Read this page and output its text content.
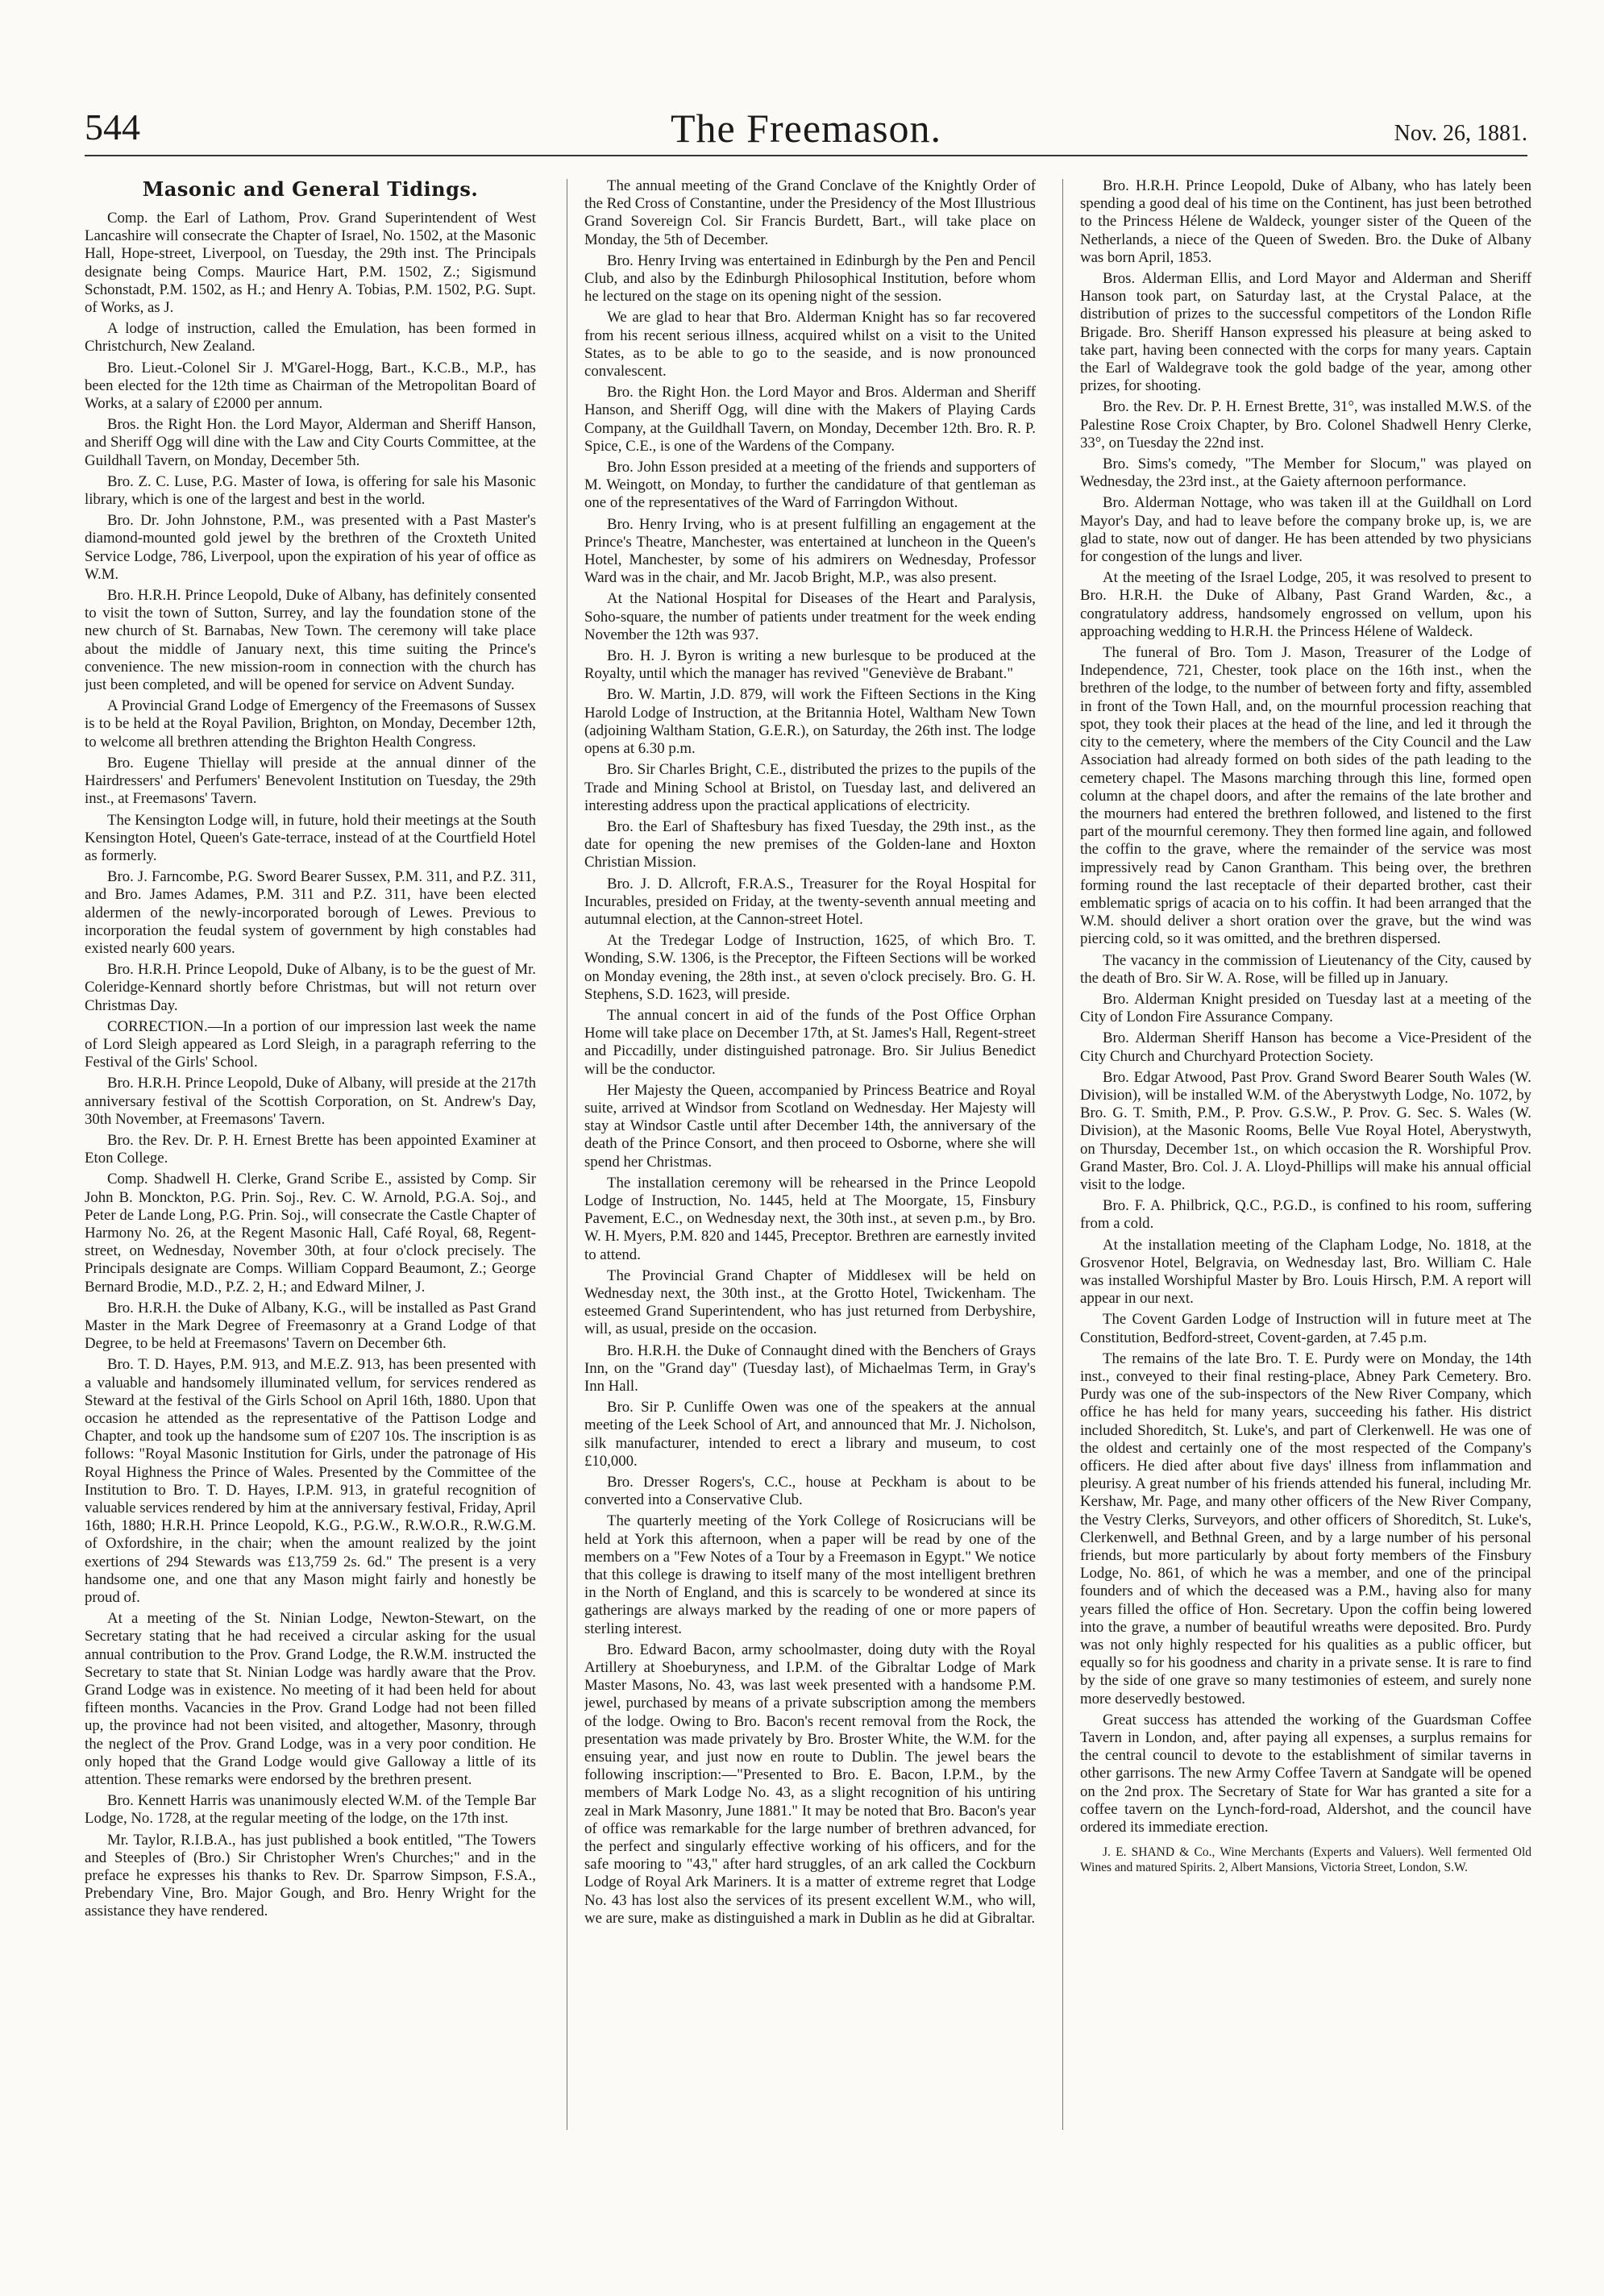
544	The Freemason.	Nov. 26, 1881.
Masonic and General Tidings.

Comp. the Earl of Lathom, Prov. Grand Superintendent of West Lancashire will consecrate the Chapter of Israel, No. 1502, at the Masonic Hall, Hope-street, Liverpool, on Tuesday, the 29th inst. The Principals designate being Comps. Maurice Hart, P.M. 1502, Z.; Sigismund Schonstadt, P.M. 1502, as H.; and Henry A. Tobias, P.M. 1502, P.G. Supt. of Works, as J.

A lodge of instruction, called the Emulation, has been formed in Christchurch, New Zealand.

Bro. Lieut.-Colonel Sir J. M'Garel-Hogg, Bart., K.C.B., M.P., has been elected for the 12th time as Chairman of the Metropolitan Board of Works, at a salary of £2000 per annum.

Bros. the Right Hon. the Lord Mayor, Alderman and Sheriff Hanson, and Sheriff Ogg will dine with the Law and City Courts Committee, at the Guildhall Tavern, on Monday, December 5th.

Bro. Z. C. Luse, P.G. Master of Iowa, is offering for sale his Masonic library, which is one of the largest and best in the world.

Bro. Dr. John Johnstone, P.M., was presented with a Past Master's diamond-mounted gold jewel by the brethren of the Croxteth United Service Lodge, 786, Liverpool, upon the expiration of his year of office as W.M.

Bro. H.R.H. Prince Leopold, Duke of Albany, has definitely consented to visit the town of Sutton, Surrey, and lay the foundation stone of the new church of St. Barnabas, New Town. The ceremony will take place about the middle of January next, this time suiting the Prince's convenience. The new mission-room in connection with the church has just been completed, and will be opened for service on Advent Sunday.

A Provincial Grand Lodge of Emergency of the Freemasons of Sussex is to be held at the Royal Pavilion, Brighton, on Monday, December 12th, to welcome all brethren attending the Brighton Health Congress.

Bro. Eugene Thiellay will preside at the annual dinner of the Hairdressers' and Perfumers' Benevolent Institution on Tuesday, the 29th inst., at Freemasons' Tavern.

The Kensington Lodge will, in future, hold their meetings at the South Kensington Hotel, Queen's Gate-terrace, instead of at the Courtfield Hotel as formerly.

Bro. J. Farncombe, P.G. Sword Bearer Sussex, P.M. 311, and P.Z. 311, and Bro. James Adames, P.M. 311 and P.Z. 311, have been elected aldermen of the newly-incorporated borough of Lewes. Previous to incorporation the feudal system of government by high constables had existed nearly 600 years.

Bro. H.R.H. Prince Leopold, Duke of Albany, is to be the guest of Mr. Coleridge-Kennard shortly before Christmas, but will not return over Christmas Day.

CORRECTION.—In a portion of our impression last week the name of Lord Sleigh appeared as Lord Sleigh, in a paragraph referring to the Festival of the Girls' School.

Bro. H.R.H. Prince Leopold, Duke of Albany, will preside at the 217th anniversary festival of the Scottish Corporation, on St. Andrew's Day, 30th November, at Freemasons' Tavern.

Bro. the Rev. Dr. P. H. Ernest Brette has been appointed Examiner at Eton College.

Comp. Shadwell H. Clerke, Grand Scribe E., assisted by Comp. Sir John B. Monckton, P.G. Prin. Soj., Rev. C. W. Arnold, P.G.A. Soj., and Peter de Lande Long, P.G. Prin. Soj., will consecrate the Castle Chapter of Harmony No. 26, at the Regent Masonic Hall, Café Royal, 68, Regent-street, on Wednesday, November 30th, at four o'clock precisely. The Principals designate are Comps. William Coppard Beaumont, Z.; George Bernard Brodie, M.D., P.Z. 2, H.; and Edward Milner, J.

Bro. H.R.H. the Duke of Albany, K.G., will be installed as Past Grand Master in the Mark Degree of Freemasonry at a Grand Lodge of that Degree, to be held at Freemasons' Tavern on December 6th.

Bro. T. D. Hayes, P.M. 913, and M.E.Z. 913, has been presented with a valuable and handsomely illuminated vellum, for services rendered as Steward at the festival of the Girls School on April 16th, 1880. Upon that occasion he attended as the representative of the Pattison Lodge and Chapter, and took up the handsome sum of £207 10s. The inscription is as follows: "Royal Masonic Institution for Girls, under the patronage of His Royal Highness the Prince of Wales. Presented by the Committee of the Institution to Bro. T. D. Hayes, I.P.M. 913, in grateful recognition of valuable services rendered by him at the anniversary festival, Friday, April 16th, 1880; H.R.H. Prince Leopold, K.G., P.G.W., R.W.O.R., R.W.G.M. of Oxfordshire, in the chair; when the amount realized by the joint exertions of 294 Stewards was £13,759 2s. 6d." The present is a very handsome one, and one that any Mason might fairly and honestly be proud of.

At a meeting of the St. Ninian Lodge, Newton-Stewart, on the Secretary stating that he had received a circular asking for the usual annual contribution to the Prov. Grand Lodge, the R.W.M. instructed the Secretary to state that St. Ninian Lodge was hardly aware that the Prov. Grand Lodge was in existence. No meeting of it had been held for about fifteen months. Vacancies in the Prov. Grand Lodge had not been filled up, the province had not been visited, and altogether, Masonry, through the neglect of the Prov. Grand Lodge, was in a very poor condition. He only hoped that the Grand Lodge would give Galloway a little of its attention. These remarks were endorsed by the brethren present.

Bro. Kennett Harris was unanimously elected W.M. of the Temple Bar Lodge, No. 1728, at the regular meeting of the lodge, on the 17th inst.

Mr. Taylor, R.I.B.A., has just published a book entitled, "The Towers and Steeples of (Bro.) Sir Christopher Wren's Churches;" and in the preface he expresses his thanks to Rev. Dr. Sparrow Simpson, F.S.A., Prebendary Vine, Bro. Major Gough, and Bro. Henry Wright for the assistance they have rendered.

The annual meeting of the Grand Conclave of the Knightly Order of the Red Cross of Constantine, under the Presidency of the Most Illustrious Grand Sovereign Col. Sir Francis Burdett, Bart., will take place on Monday, the 5th of December.

Bro. Henry Irving was entertained in Edinburgh by the Pen and Pencil Club, and also by the Edinburgh Philosophical Institution, before whom he lectured on the stage on its opening night of the session.

We are glad to hear that Bro. Alderman Knight has so far recovered from his recent serious illness, acquired whilst on a visit to the United States, as to be able to go to the seaside, and is now pronounced convalescent.

Bro. the Right Hon. the Lord Mayor and Bros. Alderman and Sheriff Hanson, and Sheriff Ogg, will dine with the Makers of Playing Cards Company, at the Guildhall Tavern, on Monday, December 12th. Bro. R. P. Spice, C.E., is one of the Wardens of the Company.

Bro. John Esson presided at a meeting of the friends and supporters of M. Weingott, on Monday, to further the candidature of that gentleman as one of the representatives of the Ward of Farringdon Without.

Bro. Henry Irving, who is at present fulfilling an engagement at the Prince's Theatre, Manchester, was entertained at luncheon in the Queen's Hotel, Manchester, by some of his admirers on Wednesday, Professor Ward was in the chair, and Mr. Jacob Bright, M.P., was also present.

At the National Hospital for Diseases of the Heart and Paralysis, Soho-square, the number of patients under treatment for the week ending November the 12th was 937.

Bro. H. J. Byron is writing a new burlesque to be produced at the Royalty, until which the manager has revived "Geneviève de Brabant."

Bro. W. Martin, J.D. 879, will work the Fifteen Sections in the King Harold Lodge of Instruction, at the Britannia Hotel, Waltham New Town (adjoining Waltham Station, G.E.R.), on Saturday, the 26th inst. The lodge opens at 6.30 p.m.

Bro. Sir Charles Bright, C.E., distributed the prizes to the pupils of the Trade and Mining School at Bristol, on Tuesday last, and delivered an interesting address upon the practical applications of electricity.

Bro. the Earl of Shaftesbury has fixed Tuesday, the 29th inst., as the date for opening the new premises of the Golden-lane and Hoxton Christian Mission.

Bro. J. D. Allcroft, F.R.A.S., Treasurer for the Royal Hospital for Incurables, presided on Friday, at the twenty-seventh annual meeting and autumnal election, at the Cannon-street Hotel.

At the Tredegar Lodge of Instruction, 1625, of which Bro. T. Wonding, S.W. 1306, is the Preceptor, the Fifteen Sections will be worked on Monday evening, the 28th inst., at seven o'clock precisely. Bro. G. H. Stephens, S.D. 1623, will preside.

The annual concert in aid of the funds of the Post Office Orphan Home will take place on December 17th, at St. James's Hall, Regent-street and Piccadilly, under distinguished patronage. Bro. Sir Julius Benedict will be the conductor.

Her Majesty the Queen, accompanied by Princess Beatrice and Royal suite, arrived at Windsor from Scotland on Wednesday. Her Majesty will stay at Windsor Castle until after December 14th, the anniversary of the death of the Prince Consort, and then proceed to Osborne, where she will spend her Christmas.

The installation ceremony will be rehearsed in the Prince Leopold Lodge of Instruction, No. 1445, held at The Moorgate, 15, Finsbury Pavement, E.C., on Wednesday next, the 30th inst., at seven p.m., by Bro. W. H. Myers, P.M. 820 and 1445, Preceptor. Brethren are earnestly invited to attend.

The Provincial Grand Chapter of Middlesex will be held on Wednesday next, the 30th inst., at the Grotto Hotel, Twickenham. The esteemed Grand Superintendent, who has just returned from Derbyshire, will, as usual, preside on the occasion.

Bro. H.R.H. the Duke of Connaught dined with the Benchers of Grays Inn, on the "Grand day" (Tuesday last), of Michaelmas Term, in Gray's Inn Hall.

Bro. Sir P. Cunliffe Owen was one of the speakers at the annual meeting of the Leek School of Art, and announced that Mr. J. Nicholson, silk manufacturer, intended to erect a library and museum, to cost £10,000.

Bro. Dresser Rogers's, C.C., house at Peckham is about to be converted into a Conservative Club.

The quarterly meeting of the York College of Rosicrucians will be held at York this afternoon, when a paper will be read by one of the members on a "Few Notes of a Tour by a Freemason in Egypt." We notice that this college is drawing to itself many of the most intelligent brethren in the North of England, and this is scarcely to be wondered at since its gatherings are always marked by the reading of one or more papers of sterling interest.

Bro. Edward Bacon, army schoolmaster, doing duty with the Royal Artillery at Shoeburyness, and I.P.M. of the Gibraltar Lodge of Mark Master Masons, No. 43, was last week presented with a handsome P.M. jewel, purchased by means of a private subscription among the members of the lodge. Owing to Bro. Bacon's recent removal from the Rock, the presentation was made privately by Bro. Broster White, the W.M. for the ensuing year, and just now en route to Dublin. The jewel bears the following inscription:—"Presented to Bro. E. Bacon, I.P.M., by the members of Mark Lodge No. 43, as a slight recognition of his untiring zeal in Mark Masonry, June 1881." It may be noted that Bro. Bacon's year of office was remarkable for the large number of brethren advanced, for the perfect and singularly effective working of his officers, and for the safe mooring to "43," after hard struggles, of an ark called the Cockburn Lodge of Royal Ark Mariners. It is a matter of extreme regret that Lodge No. 43 has lost also the services of its present excellent W.M., who will, we are sure, make as distinguished a mark in Dublin as he did at Gibraltar.

Bro. H.R.H. Prince Leopold, Duke of Albany, who has lately been spending a good deal of his time on the Continent, has just been betrothed to the Princess Hélene de Waldeck, younger sister of the Queen of the Netherlands, a niece of the Queen of Sweden. Bro. the Duke of Albany was born April, 1853.

Bros. Alderman Ellis, and Lord Mayor and Alderman and Sheriff Hanson took part, on Saturday last, at the Crystal Palace, at the distribution of prizes to the successful competitors of the London Rifle Brigade. Bro. Sheriff Hanson expressed his pleasure at being asked to take part, having been connected with the corps for many years. Captain the Earl of Waldegrave took the gold badge of the year, among other prizes, for shooting.

Bro. the Rev. Dr. P. H. Ernest Brette, 31°, was installed M.W.S. of the Palestine Rose Croix Chapter, by Bro. Colonel Shadwell Henry Clerke, 33°, on Tuesday the 22nd inst.

Bro. Sims's comedy, "The Member for Slocum," was played on Wednesday, the 23rd inst., at the Gaiety afternoon performance.

Bro. Alderman Nottage, who was taken ill at the Guildhall on Lord Mayor's Day, and had to leave before the company broke up, is, we are glad to state, now out of danger. He has been attended by two physicians for congestion of the lungs and liver.

At the meeting of the Israel Lodge, 205, it was resolved to present to Bro. H.R.H. the Duke of Albany, Past Grand Warden, &c., a congratulatory address, handsomely engrossed on vellum, upon his approaching wedding to H.R.H. the Princess Hélene of Waldeck.

The funeral of Bro. Tom J. Mason, Treasurer of the Lodge of Independence, 721, Chester, took place on the 16th inst., when the brethren of the lodge, to the number of between forty and fifty, assembled in front of the Town Hall, and, on the mournful procession reaching that spot, they took their places at the head of the line, and led it through the city to the cemetery, where the members of the City Council and the Law Association had already formed on both sides of the path leading to the cemetery chapel. The Masons marching through this line, formed open column at the chapel doors, and after the remains of the late brother and the mourners had entered the brethren followed, and listened to the first part of the mournful ceremony. They then formed line again, and followed the coffin to the grave, where the remainder of the service was most impressively read by Canon Grantham. This being over, the brethren forming round the last receptacle of their departed brother, cast their emblematic sprigs of acacia on to his coffin. It had been arranged that the W.M. should deliver a short oration over the grave, but the wind was piercing cold, so it was omitted, and the brethren dispersed.

The vacancy in the commission of Lieutenancy of the City, caused by the death of Bro. Sir W. A. Rose, will be filled up in January.

Bro. Alderman Knight presided on Tuesday last at a meeting of the City of London Fire Assurance Company.

Bro. Alderman Sheriff Hanson has become a Vice-President of the City Church and Churchyard Protection Society.

Bro. Edgar Atwood, Past Prov. Grand Sword Bearer South Wales (W. Division), will be installed W.M. of the Aberystwyth Lodge, No. 1072, by Bro. G. T. Smith, P.M., P. Prov. G.S.W., P. Prov. G. Sec. S. Wales (W. Division), at the Masonic Rooms, Belle Vue Royal Hotel, Aberystwyth, on Thursday, December 1st., on which occasion the R. Worshipful Prov. Grand Master, Bro. Col. J. A. Lloyd-Phillips will make his annual official visit to the lodge.

Bro. F. A. Philbrick, Q.C., P.G.D., is confined to his room, suffering from a cold.

At the installation meeting of the Clapham Lodge, No. 1818, at the Grosvenor Hotel, Belgravia, on Wednesday last, Bro. William C. Hale was installed Worshipful Master by Bro. Louis Hirsch, P.M. A report will appear in our next.

The Covent Garden Lodge of Instruction will in future meet at The Constitution, Bedford-street, Covent-garden, at 7.45 p.m.

The remains of the late Bro. T. E. Purdy were on Monday, the 14th inst., conveyed to their final resting-place, Abney Park Cemetery. Bro. Purdy was one of the sub-inspectors of the New River Company, which office he has held for many years, succeeding his father. His district included Shoreditch, St. Luke's, and part of Clerkenwell. He was one of the oldest and certainly one of the most respected of the Company's officers. He died after about five days' illness from inflammation and pleurisy. A great number of his friends attended his funeral, including Mr. Kershaw, Mr. Page, and many other officers of the New River Company, the Vestry Clerks, Surveyors, and other officers of Shoreditch, St. Luke's, Clerkenwell, and Bethnal Green, and by a large number of his personal friends, but more particularly by about forty members of the Finsbury Lodge, No. 861, of which he was a member, and one of the principal founders and of which the deceased was a P.M., having also for many years filled the office of Hon. Secretary. Upon the coffin being lowered into the grave, a number of beautiful wreaths were deposited. Bro. Purdy was not only highly respected for his qualities as a public officer, but equally so for his goodness and charity in a private sense. It is rare to find by the side of one grave so many testimonies of esteem, and surely none more deservedly bestowed.

Great success has attended the working of the Guardsman Coffee Tavern in London, and, after paying all expenses, a surplus remains for the central council to devote to the establishment of similar taverns in other garrisons. The new Army Coffee Tavern at Sandgate will be opened on the 2nd prox. The Secretary of State for War has granted a site for a coffee tavern on the Lynch-ford-road, Aldershot, and the council have ordered its immediate erection.

J. E. SHAND & Co., Wine Merchants (Experts and Valuers). Well fermented Old Wines and matured Spirits. 2, Albert Mansions, Victoria Street, London, S.W.
